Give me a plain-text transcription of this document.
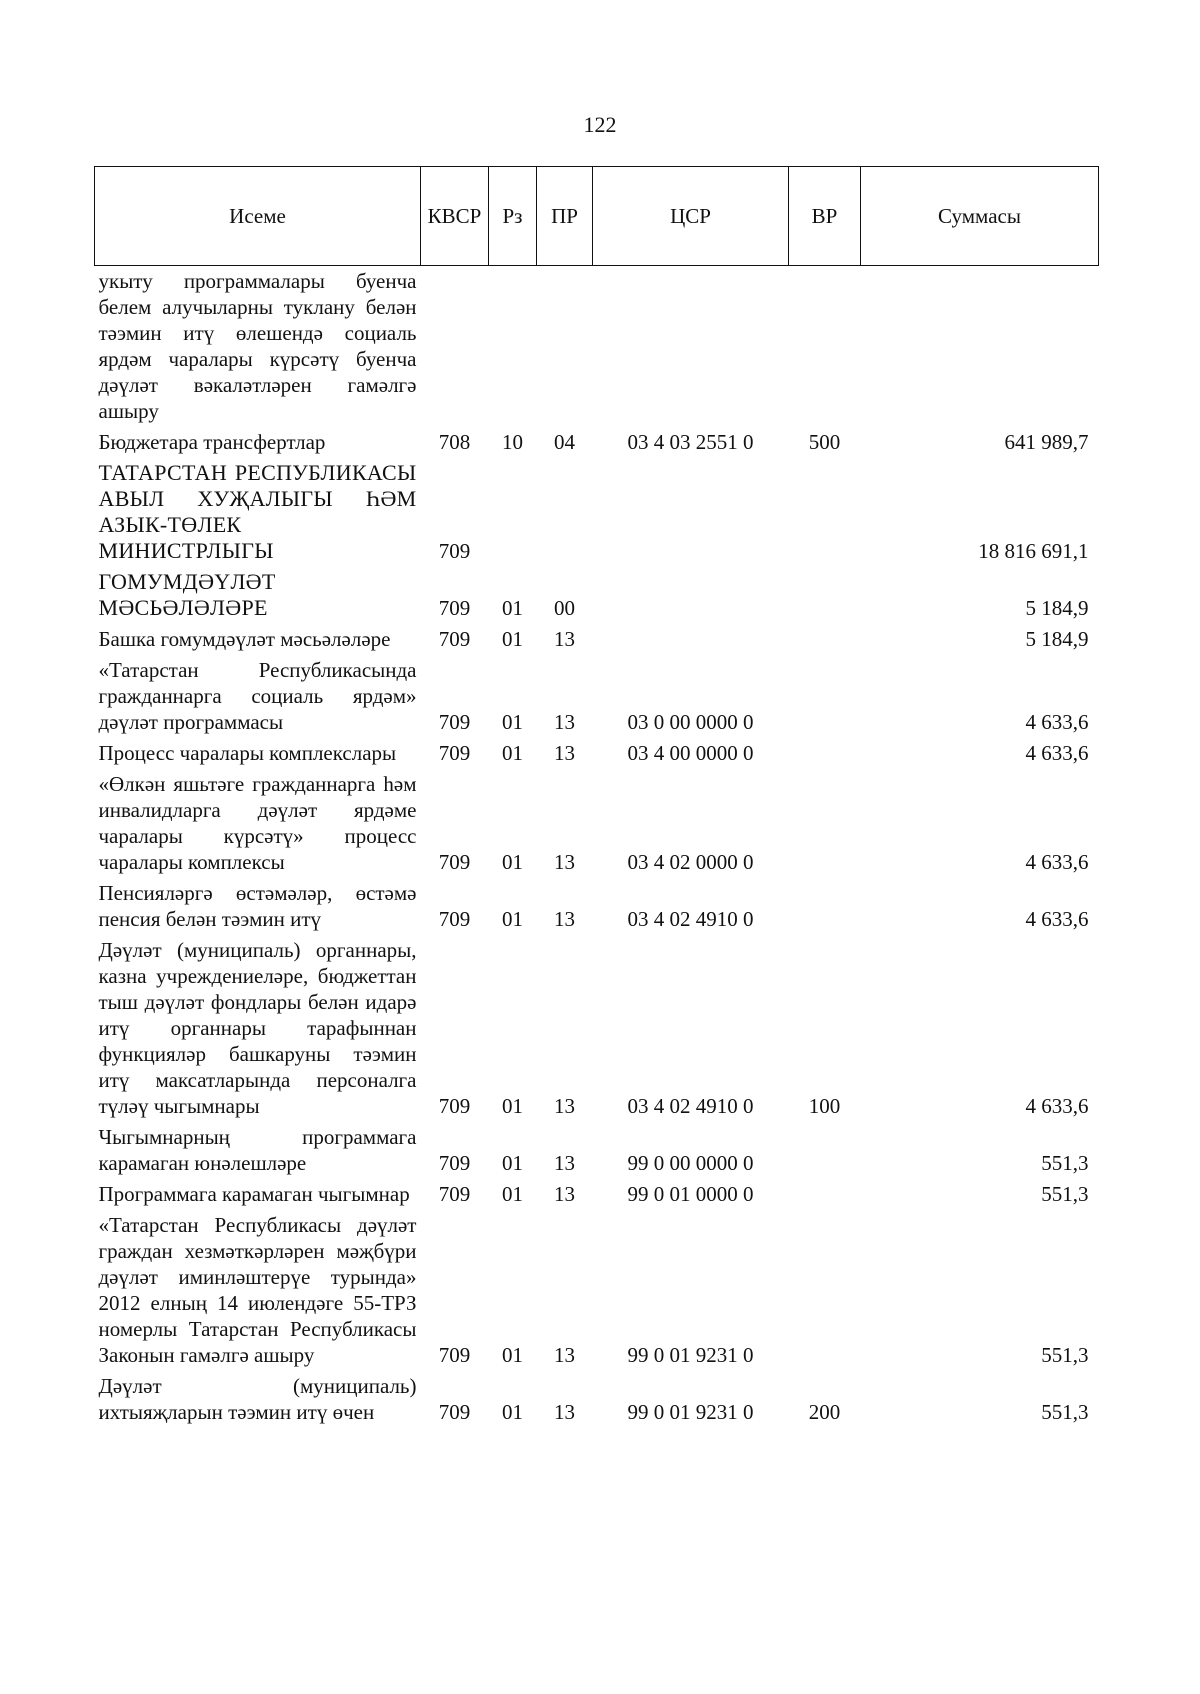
122
Исеме	КВСР	Рз	ПР	ЦСР	ВР	Суммасы
укыту программалары буенча белем алучыларны туклану белән тәэмин итү өлешендә социаль ярдәм чаралары күрсәтү буенча дәүләт вәкаләтләрен гамәлгә ашыру						
Бюджетара трансфертлар	708	10	04	03 4 03 2551 0	500	641 989,7
ТАТАРСТАН РЕСПУБЛИКАСЫ АВЫЛ ХУҖАЛЫГЫ ҺӘМ АЗЫК-ТӨЛЕК МИНИСТРЛЫГЫ	709					18 816 691,1
ГОМУМДӘҮЛӘТ МӘСЬӘЛӘЛӘРЕ	709	01	00			5 184,9
Башка гомумдәүләт мәсьәләләре	709	01	13			5 184,9
«Татарстан Республикасында гражданнарга социаль ярдәм» дәүләт программасы	709	01	13	03 0 00 0000 0		4 633,6
Процесс чаралары комплекслары	709	01	13	03 4 00 0000 0		4 633,6
«Өлкән яшьтәге гражданнарга һәм инвалидларга дәүләт ярдәме чаралары күрсәтү» процесс чаралары комплексы	709	01	13	03 4 02 0000 0		4 633,6
Пенсияләргә өстәмәләр, өстәмә пенсия белән тәэмин итү	709	01	13	03 4 02 4910 0		4 633,6
Дәүләт (муниципаль) органнары, казна учреждениеләре, бюджеттан тыш дәүләт фондлары белән идарә итү органнары тарафыннан функцияләр башкаруны тәэмин итү максатларында персоналга түләү чыгымнары	709	01	13	03 4 02 4910 0	100	4 633,6
Чыгымнарның программага карамаган юнәлешләре	709	01	13	99 0 00 0000 0		551,3
Программага карамаган чыгымнар	709	01	13	99 0 01 0000 0		551,3
«Татарстан Республикасы дәүләт граждан хезмәткәрләрен мәҗбүри дәүләт иминләштерүе турында» 2012 елның 14 июлендәге 55-ТРЗ номерлы Татарстан Республикасы Законын гамәлгә ашыру	709	01	13	99 0 01 9231 0		551,3
Дәүләт (муниципаль) ихтыяҗларын тәэмин итү өчен	709	01	13	99 0 01 9231 0	200	551,3
